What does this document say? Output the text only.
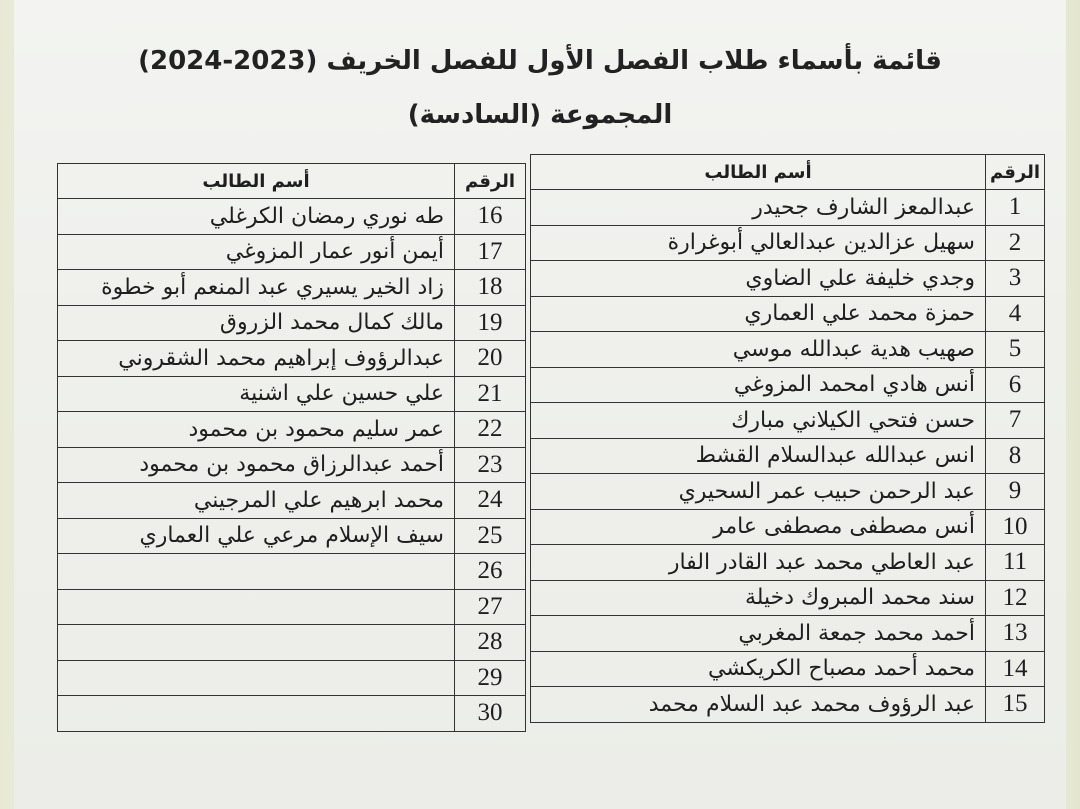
قائمة بأسماء طلاب الفصل الأول للفصل الخريف (2023-2024)
المجموعة (السادسة)
الرقم	أسم الطالب
1	عبدالمعز الشارف جحيدر
2	سهيل عزالدين عبدالعالي أبوغرارة
3	وجدي خليفة علي الضاوي
4	حمزة محمد علي العماري
5	صهيب هدية عبدالله موسي
6	أنس هادي امحمد المزوغي
7	حسن فتحي الكيلاني مبارك
8	انس عبدالله عبدالسلام القشط
9	عبد الرحمن حبيب عمر السحيري
10	أنس مصطفى مصطفى عامر
11	عبد العاطي محمد عبد القادر الفار
12	سند محمد المبروك دخيلة
13	أحمد محمد جمعة المغربي
14	محمد أحمد مصباح الكريكشي
15	عبد الرؤوف محمد عبد السلام محمد
الرقم	أسم الطالب
16	طه نوري رمضان الكرغلي
17	أيمن أنور عمار المزوغي
18	زاد الخير يسيري عبد المنعم أبو خطوة
19	مالك كمال محمد الزروق
20	عبدالرؤوف إبراهيم محمد الشقروني
21	علي حسين علي اشنية
22	عمر سليم محمود بن محمود
23	أحمد عبدالرزاق محمود بن محمود
24	محمد ابرهيم علي المرجيني
25	سيف الإسلام مرعي علي العماري
26	
27	
28	
29	
30	
